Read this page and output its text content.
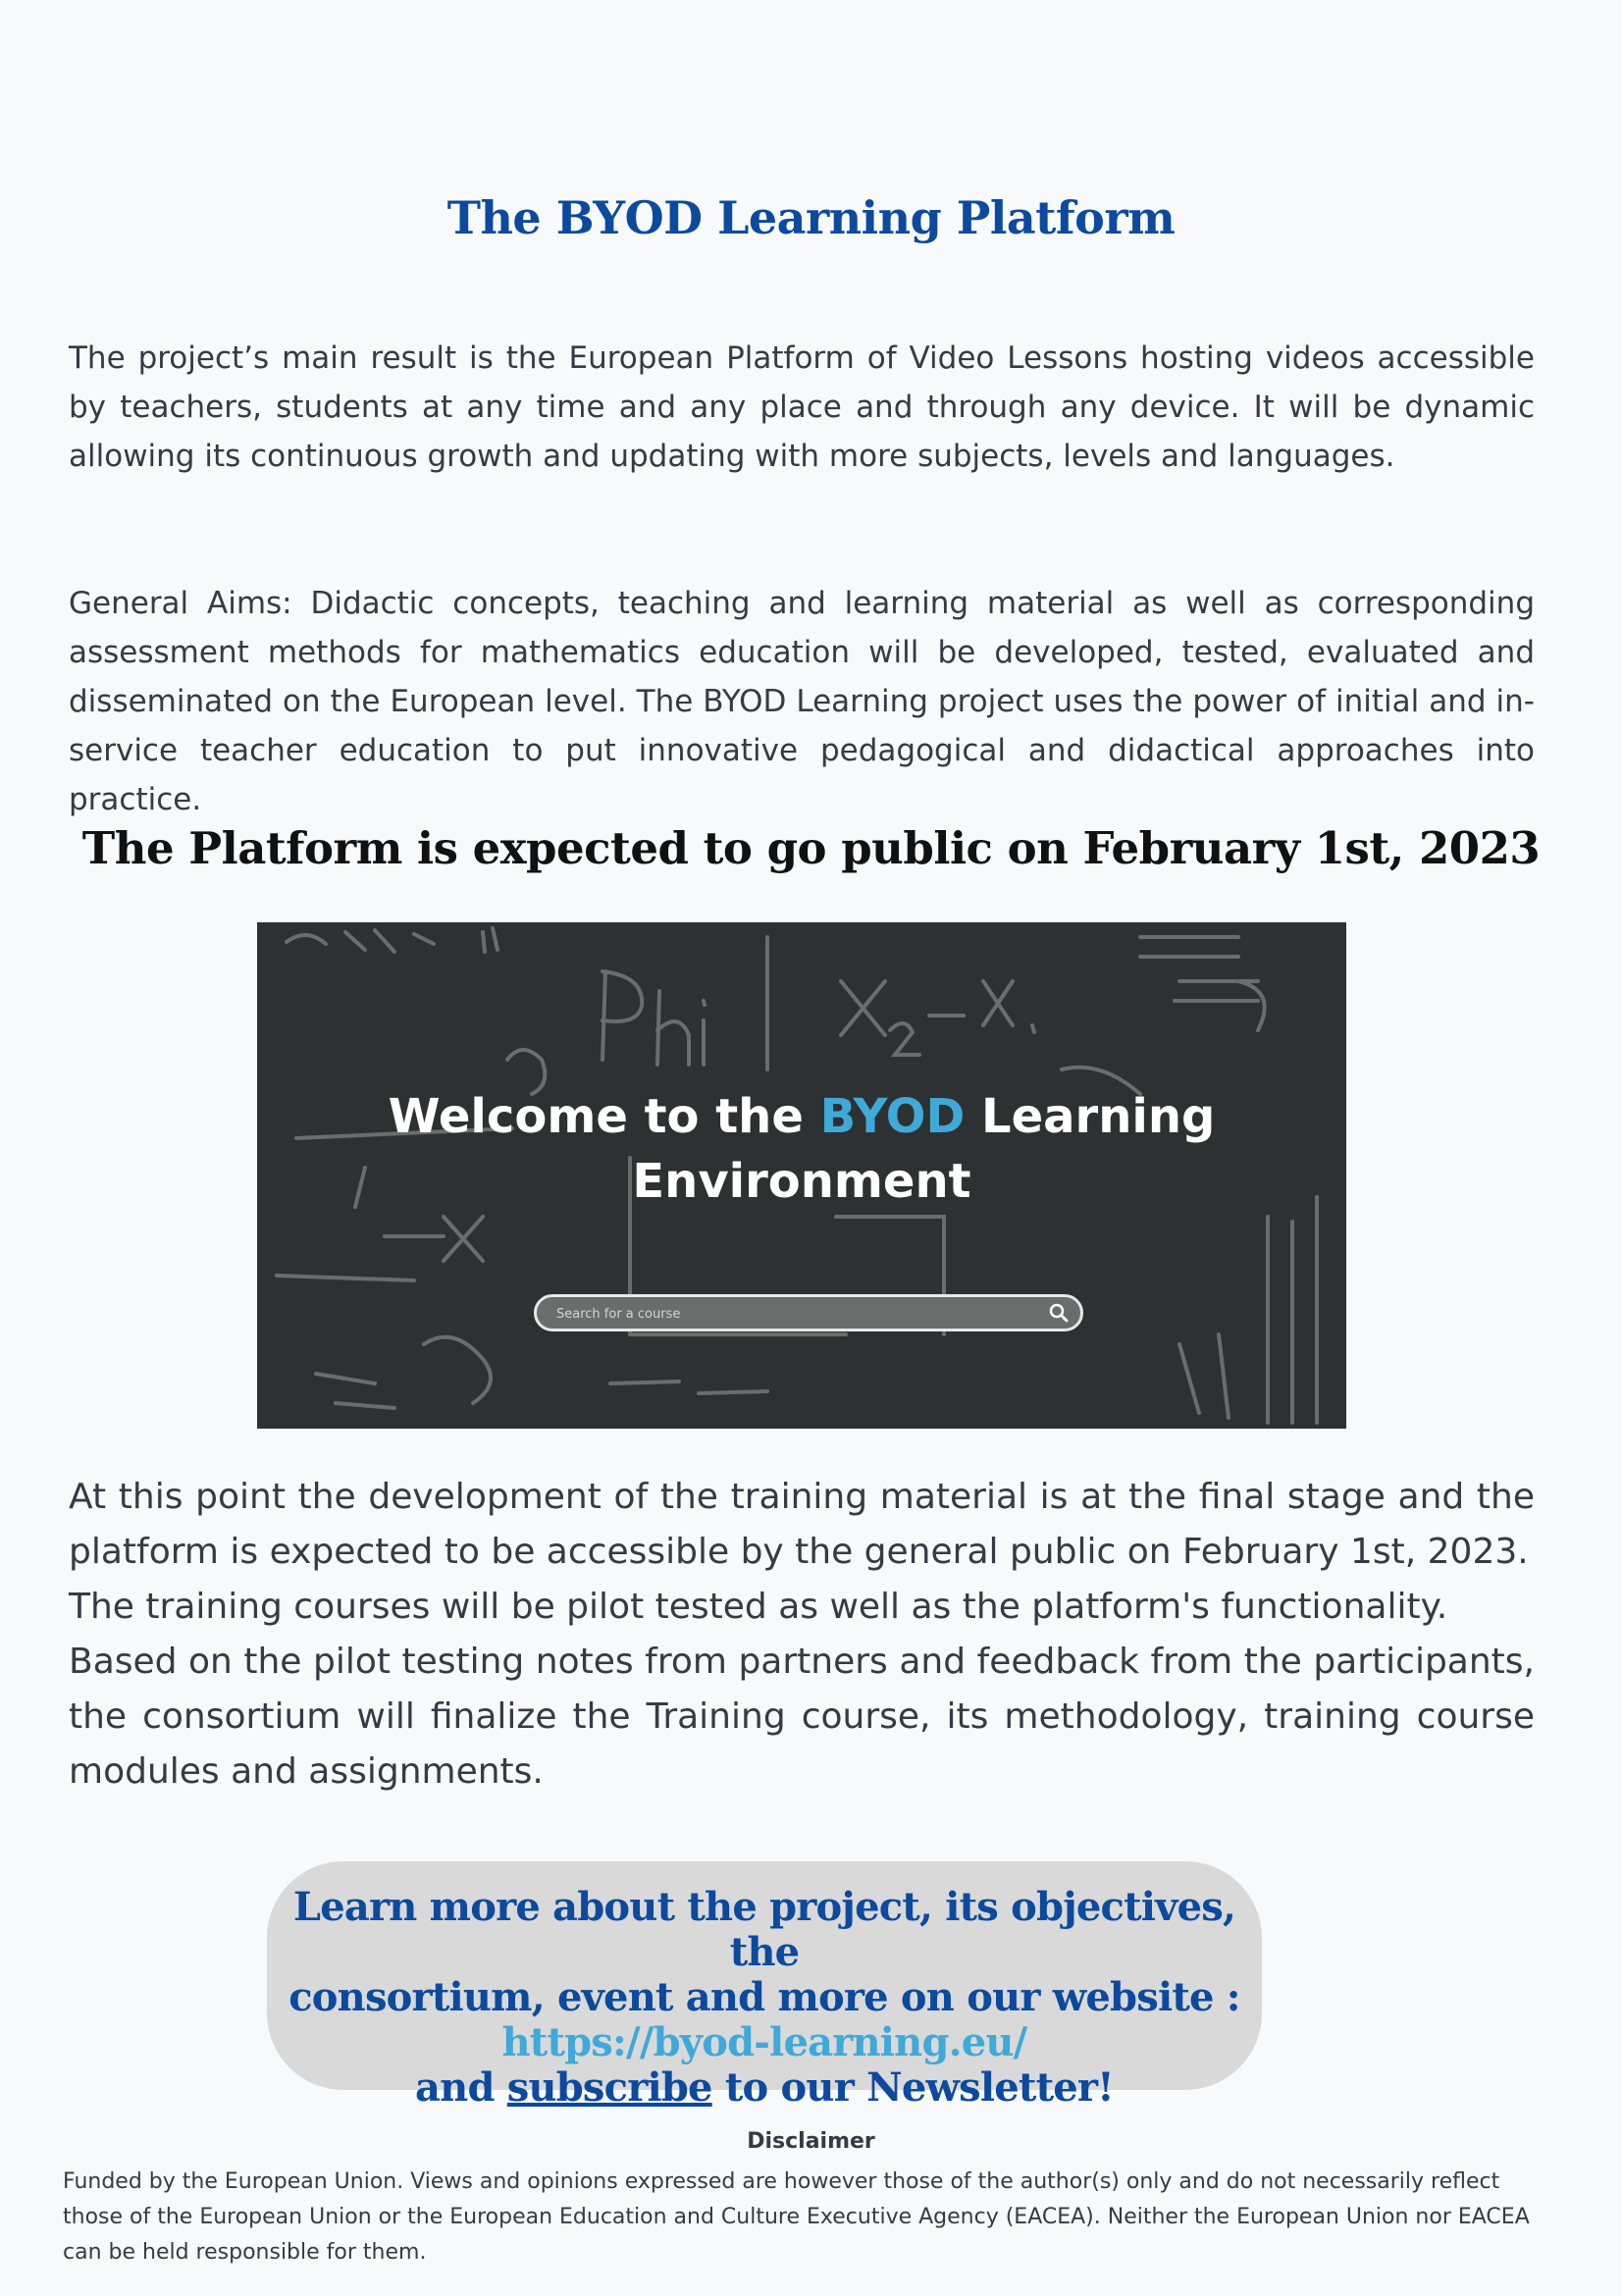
The BYOD Learning Platform
The project’s main result is the European Platform of Video Lessons hosting videos accessible by teachers, students at any time and any place and through any device. It will be dynamic allowing its continuous growth and updating with more subjects, levels and languages.
General Aims: Didactic concepts, teaching and learning material as well as corresponding assessment methods for mathematics education will be developed, tested, evaluated and disseminated on the European level. The BYOD Learning project uses the power of initial and in-service teacher education to put innovative pedagogical and didactical approaches into practice.
The Platform is expected to go public on February 1st, 2023
Welcome to the BYOD Learning
Environment
Search for a course

At this point the development of the training material is at the final stage and the platform is expected to be accessible by the general public on February 1st, 2023.

The training courses will be pilot tested as well as the platform's functionality.

Based on the pilot testing notes from partners and feedback from the participants, the consortium will finalize the Training course, its methodology, training course modules and assignments.

Learn more about the project, its objectives, the
consortium, event and more on our website :
https://byod-learning.eu/
and subscribe to our Newsletter!
Disclaimer
Funded by the European Union. Views and opinions expressed are however those of the author(s) only and do not necessarily reflect those of the European Union or the European Education and Culture Executive Agency (EACEA). Neither the European Union nor EACEA can be held responsible for them.
